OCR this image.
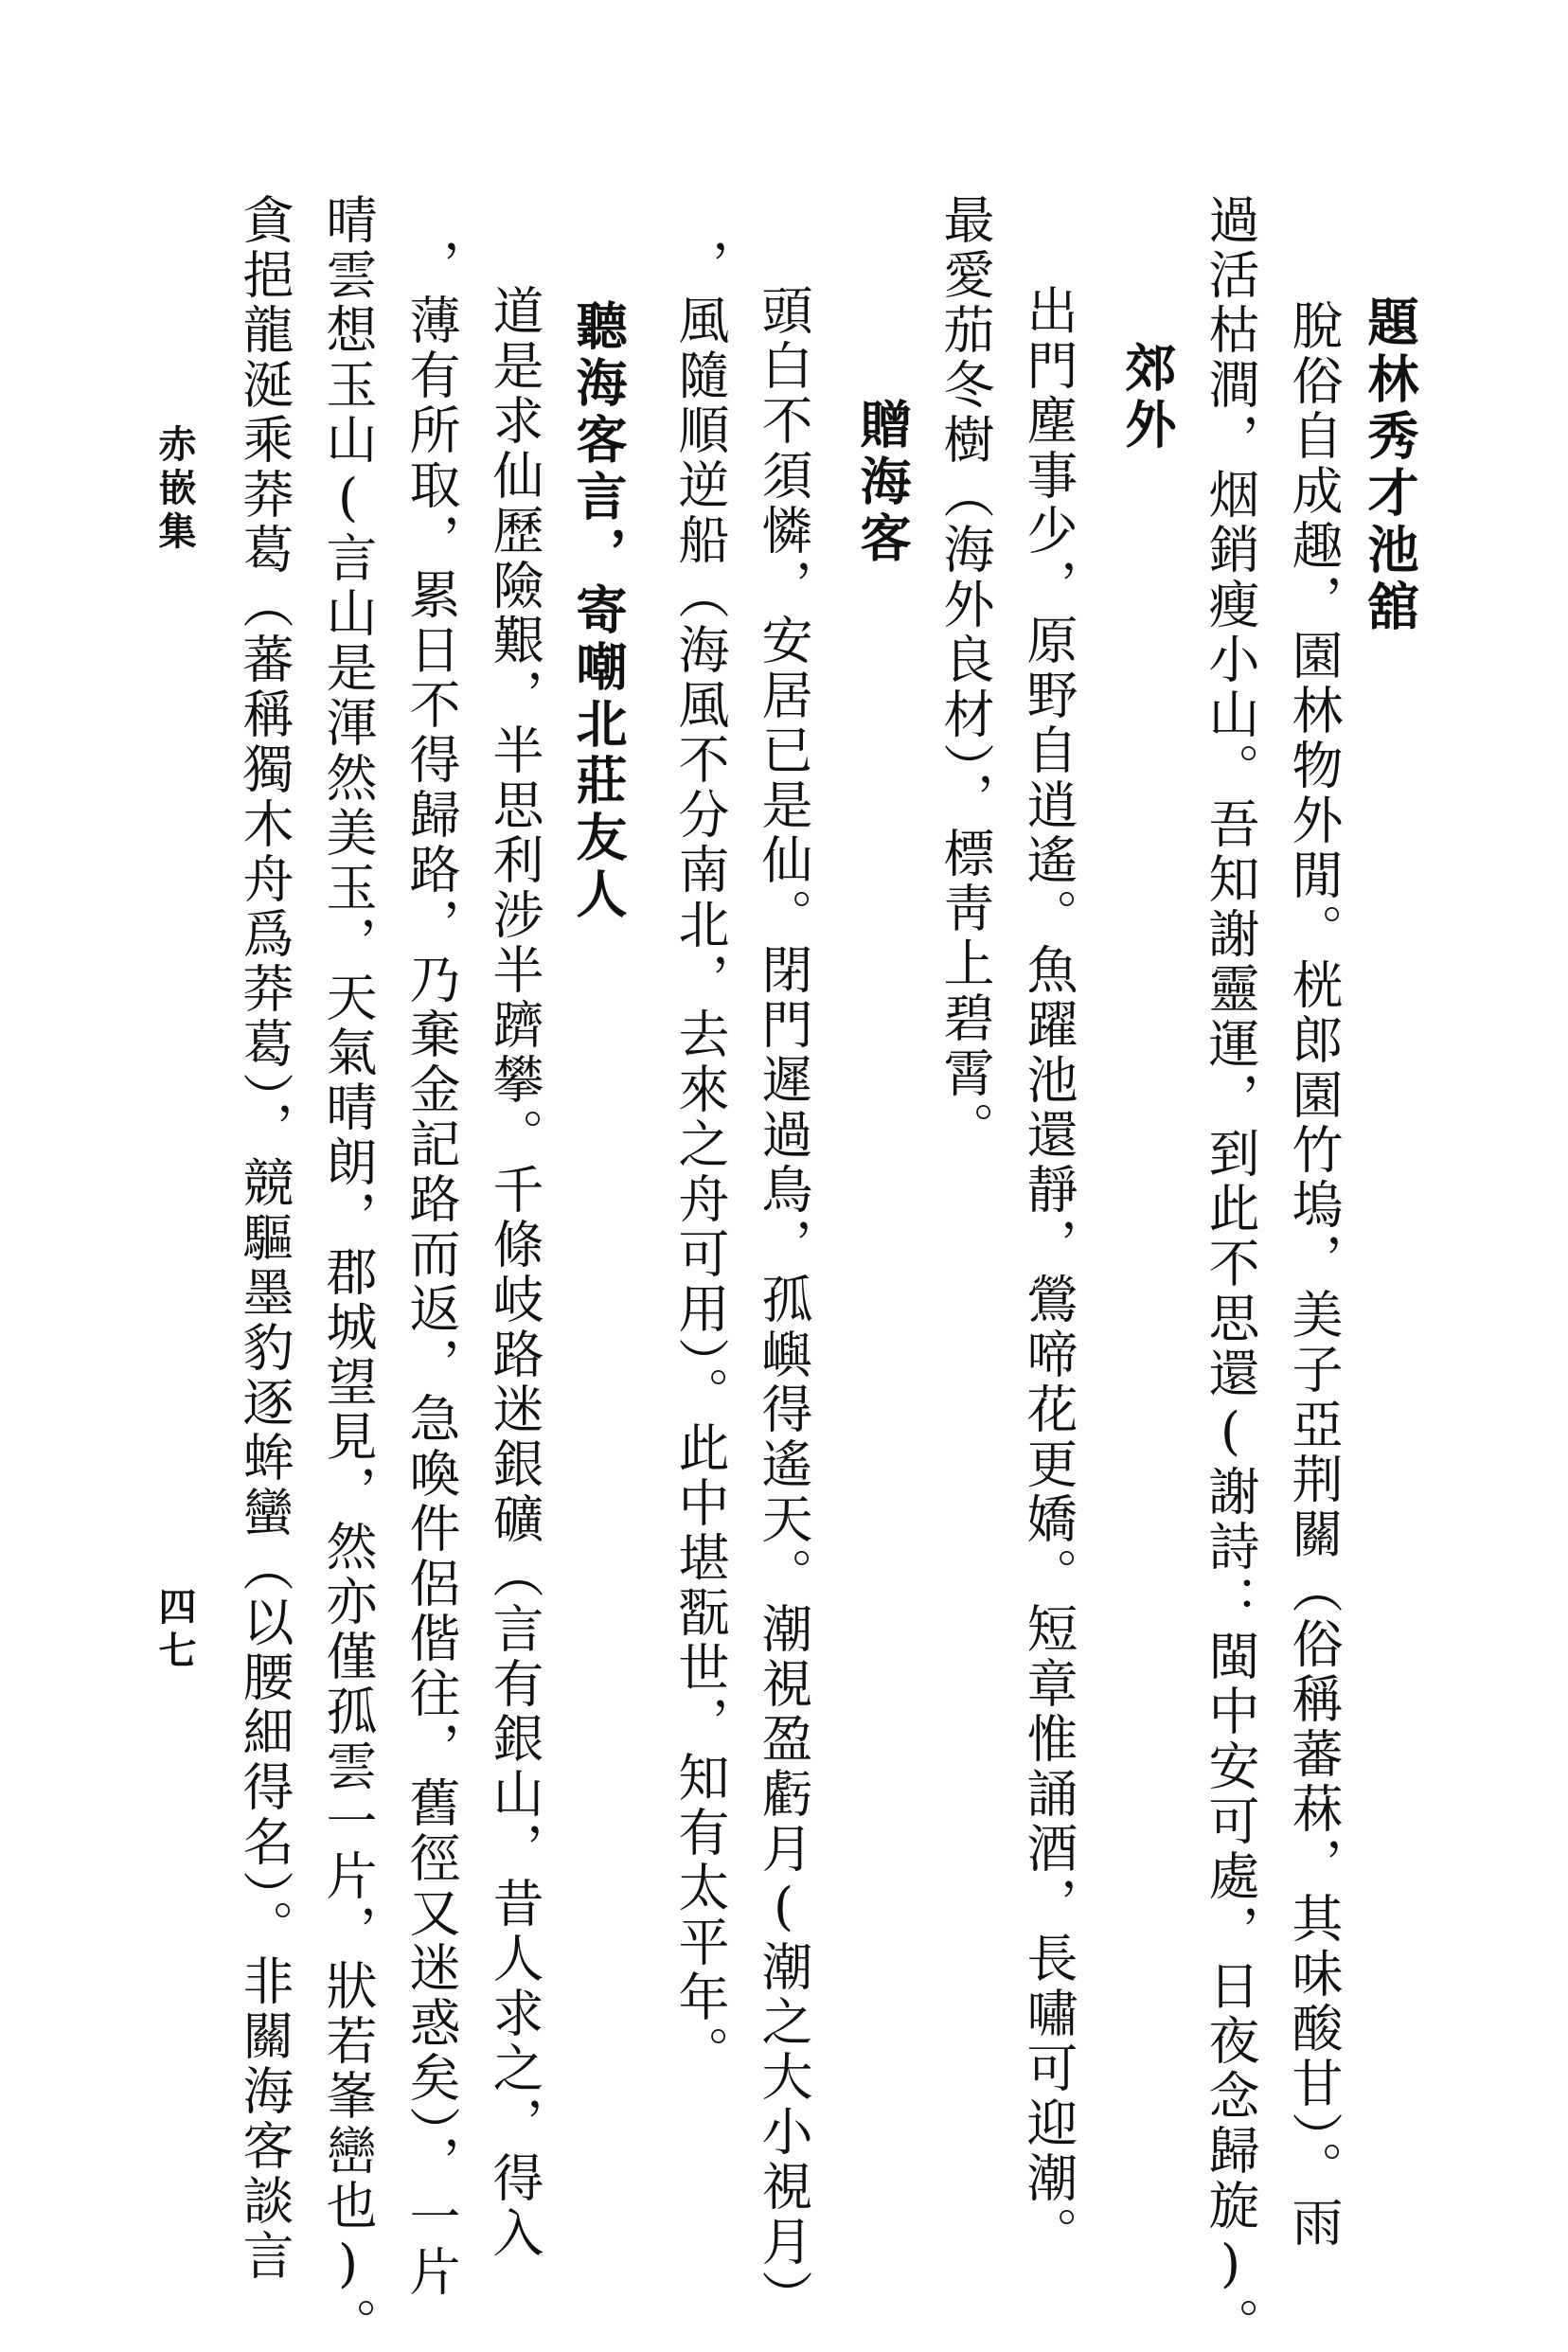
題林秀才池舘

脫俗自成趣，園林物外閒。桄郎園竹塢，美子亞荆關（俗稱蕃菻，其味酸甘）。雨

過活枯澗，烟銷瘦小山。吾知謝靈運，到此不思還(謝詩：閩中安可處，日夜念歸旋)。

郊外

出門塵事少，原野自逍遙。魚躍池還靜，鶯啼花更嬌。短章惟誦酒，長嘯可迎潮。

最愛茄冬樹（海外良材），標靑上碧霄。

贈海客

頭白不須憐，安居已是仙。閉門遲過鳥，孤嶼得遙天。潮視盈虧月(潮之大小視月）

，風隨順逆船（海風不分南北，去來之舟可用）。此中堪翫世，知有太平年。

聽海客言，寄嘲北莊友人

道是求仙歷險艱，半思利涉半躋攀。千條岐路迷銀礦（言有銀山，昔人求之，得入

，薄有所取，累日不得歸路，乃棄金記路而返，急喚件侶偕往，舊徑又迷惑矣），一片

晴雲想玉山(言山是渾然美玉，天氣晴朗，郡城望見，然亦僅孤雲一片，狀若峯巒也)。

貪挹龍涎乘莽葛（蕃稱獨木舟爲莽葛），競驅墨豹逐蛑蠻（以腰細得名）。非關海客談言

赤嵌集
四七
